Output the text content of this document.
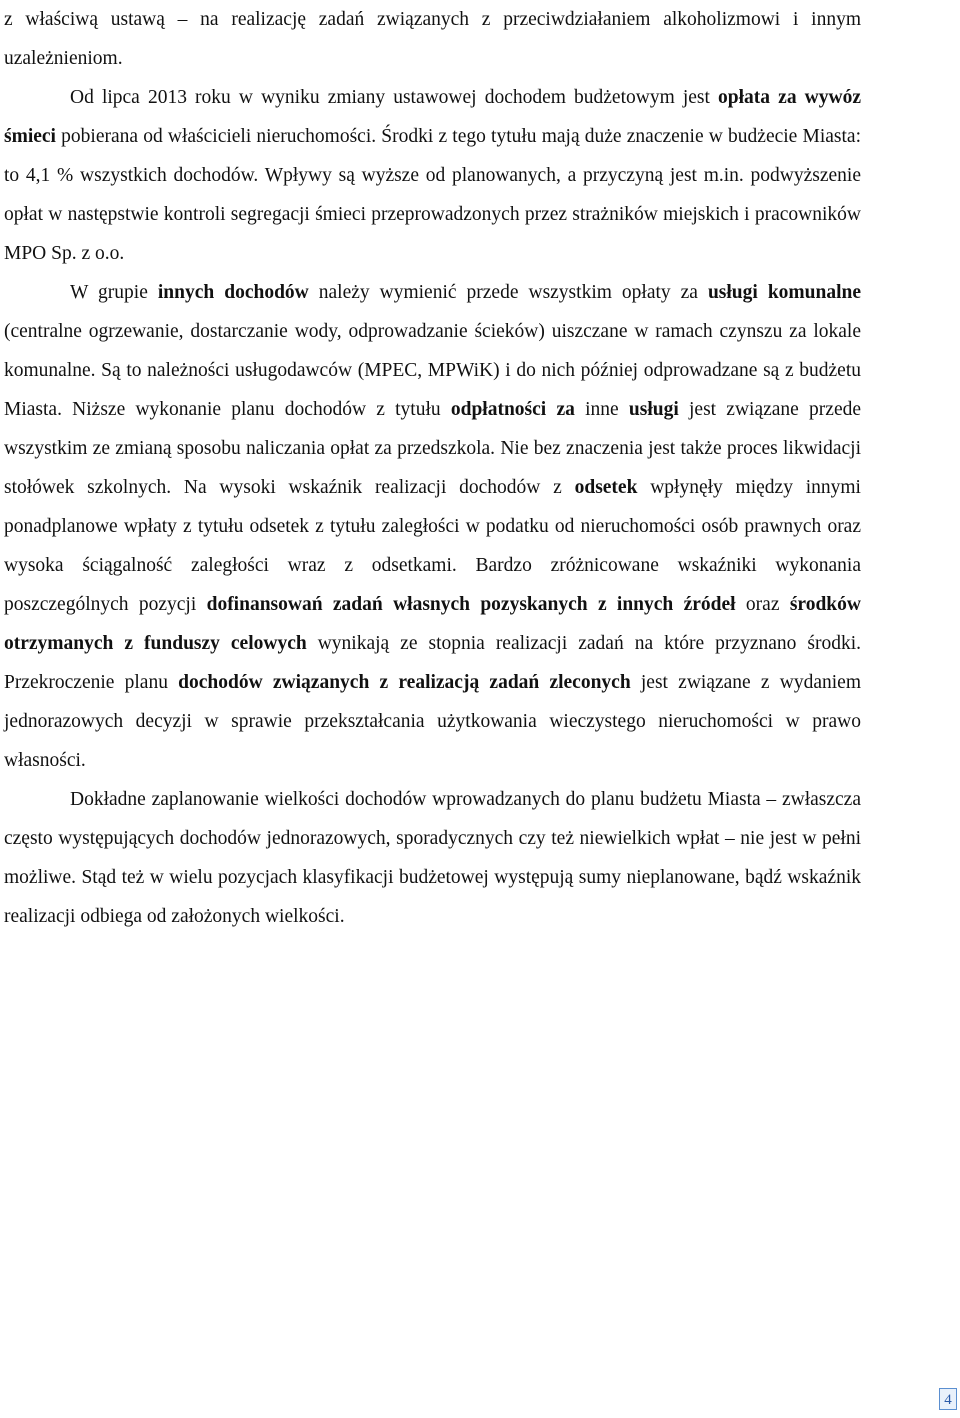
z właściwą ustawą – na realizację zadań związanych z przeciwdziałaniem alkoholizmowi i innym uzależnieniom.

Od lipca 2013 roku w wyniku zmiany ustawowej dochodem budżetowym jest opłata za wywóz śmieci pobierana od właścicieli nieruchomości. Środki z tego tytułu mają duże znaczenie w budżecie Miasta: to 4,1 % wszystkich dochodów. Wpływy są wyższe od planowanych, a przyczyną jest m.in. podwyższenie opłat w następstwie kontroli segregacji śmieci przeprowadzonych przez strażników miejskich i pracowników MPO Sp. z o.o.

W grupie innych dochodów należy wymienić przede wszystkim opłaty za usługi komunalne (centralne ogrzewanie, dostarczanie wody, odprowadzanie ścieków) uiszczane w ramach czynszu za lokale komunalne. Są to należności usługodawców (MPEC, MPWiK) i do nich później odprowadzane są z budżetu Miasta. Niższe wykonanie planu dochodów z tytułu odpłatności za inne usługi jest związane przede wszystkim ze zmianą sposobu naliczania opłat za przedszkola. Nie bez znaczenia jest także proces likwidacji stołówek szkolnych. Na wysoki wskaźnik realizacji dochodów z odsetek wpłynęły między innymi ponadplanowe wpłaty z tytułu odsetek z tytułu zaległości w podatku od nieruchomości osób prawnych oraz wysoka ściągalność zaległości wraz z odsetkami. Bardzo zróżnicowane wskaźniki wykonania poszczególnych pozycji dofinansowań zadań własnych pozyskanych z innych źródeł oraz środków otrzymanych z funduszy celowych wynikają ze stopnia realizacji zadań na które przyznano środki. Przekroczenie planu dochodów związanych z realizacją zadań zleconych jest związane z wydaniem jednorazowych decyzji w sprawie przekształcania użytkowania wieczystego nieruchomości w prawo własności.

Dokładne zaplanowanie wielkości dochodów wprowadzanych do planu budżetu Miasta – zwłaszcza często występujących dochodów jednorazowych, sporadycznych czy też niewielkich wpłat – nie jest w pełni możliwe. Stąd też w wielu pozycjach klasyfikacji budżetowej występują sumy nieplanowane, bądź wskaźnik realizacji odbiega od założonych wielkości.

4
